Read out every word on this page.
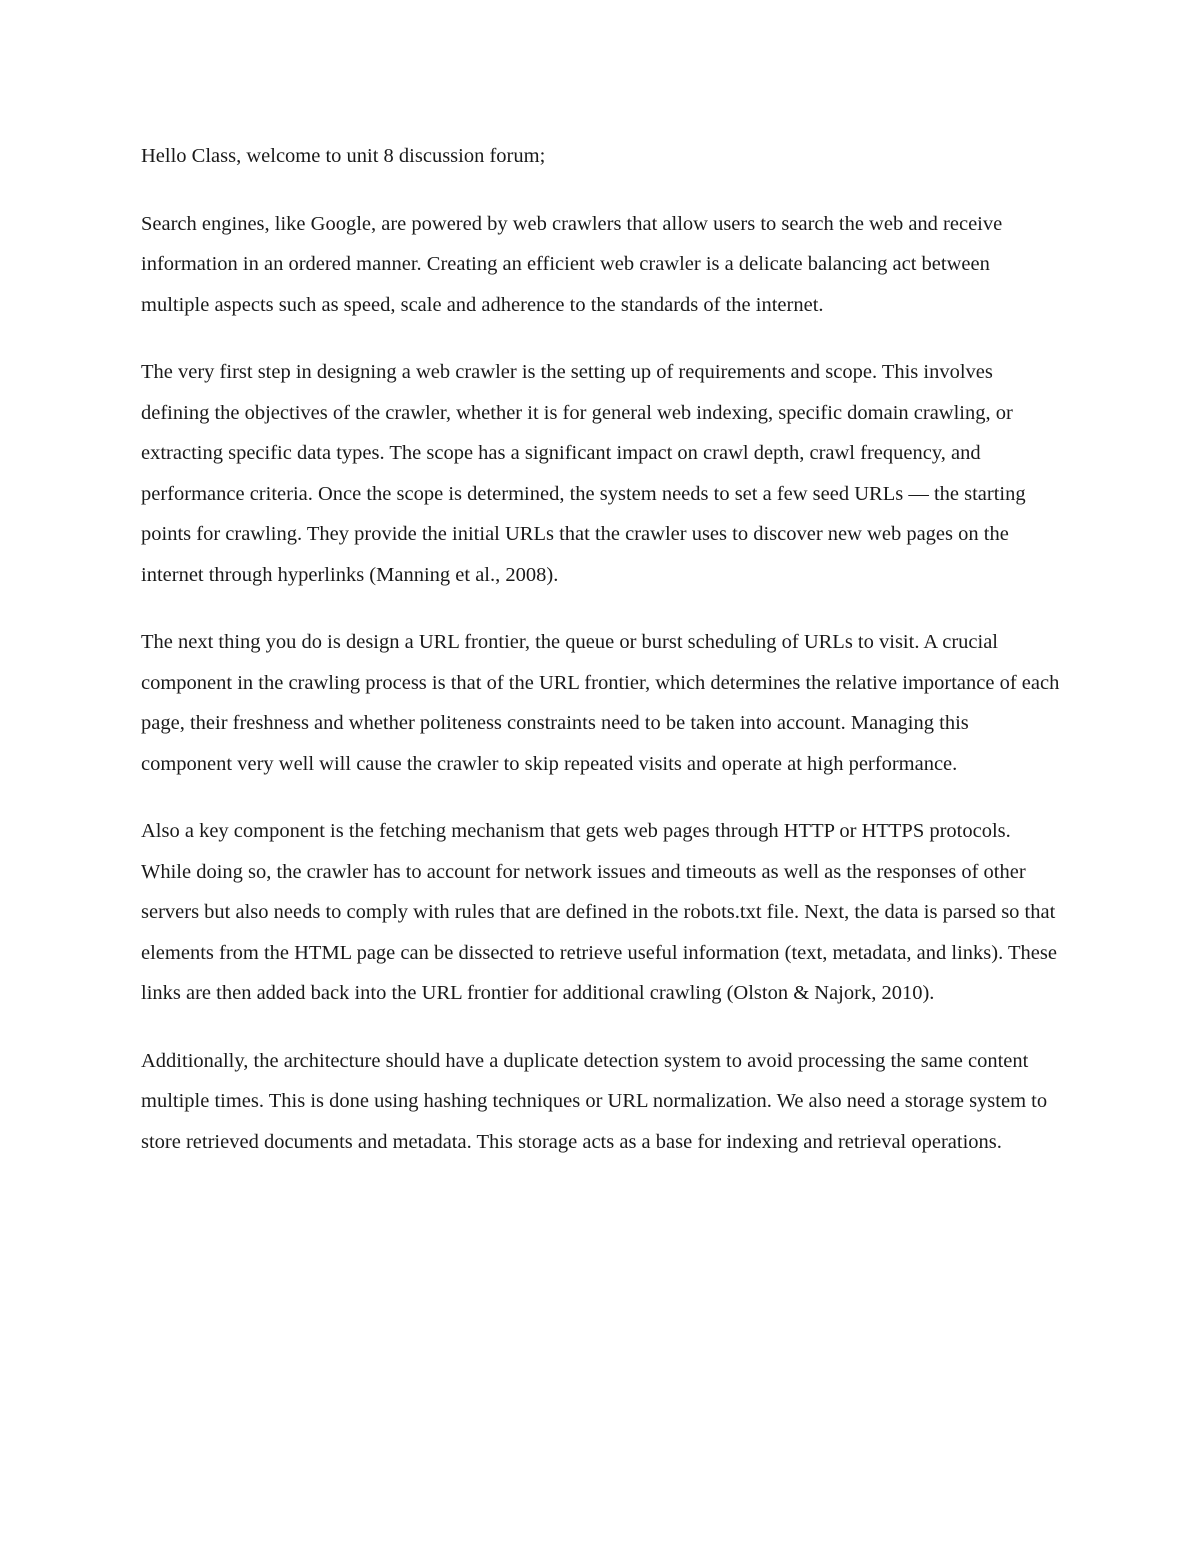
Hello Class, welcome to unit 8 discussion forum;

Search engines, like Google, are powered by web crawlers that allow users to search the web and receive information in an ordered manner. Creating an efficient web crawler is a delicate balancing act between multiple aspects such as speed, scale and adherence to the standards of the internet.

The very first step in designing a web crawler is the setting up of requirements and scope. This involves defining the objectives of the crawler, whether it is for general web indexing, specific domain crawling, or extracting specific data types. The scope has a significant impact on crawl depth, crawl frequency, and performance criteria. Once the scope is determined, the system needs to set a few seed URLs — the starting points for crawling. They provide the initial URLs that the crawler uses to discover new web pages on the internet through hyperlinks (Manning et al., 2008).

The next thing you do is design a URL frontier, the queue or burst scheduling of URLs to visit. A crucial component in the crawling process is that of the URL frontier, which determines the relative importance of each page, their freshness and whether politeness constraints need to be taken into account. Managing this component very well will cause the crawler to skip repeated visits and operate at high performance.

Also a key component is the fetching mechanism that gets web pages through HTTP or HTTPS protocols. While doing so, the crawler has to account for network issues and timeouts as well as the responses of other servers but also needs to comply with rules that are defined in the robots.txt file. Next, the data is parsed so that elements from the HTML page can be dissected to retrieve useful information (text, metadata, and links). These links are then added back into the URL frontier for additional crawling (Olston & Najork, 2010).

Additionally, the architecture should have a duplicate detection system to avoid processing the same content multiple times. This is done using hashing techniques or URL normalization. We also need a storage system to store retrieved documents and metadata. This storage acts as a base for indexing and retrieval operations.
